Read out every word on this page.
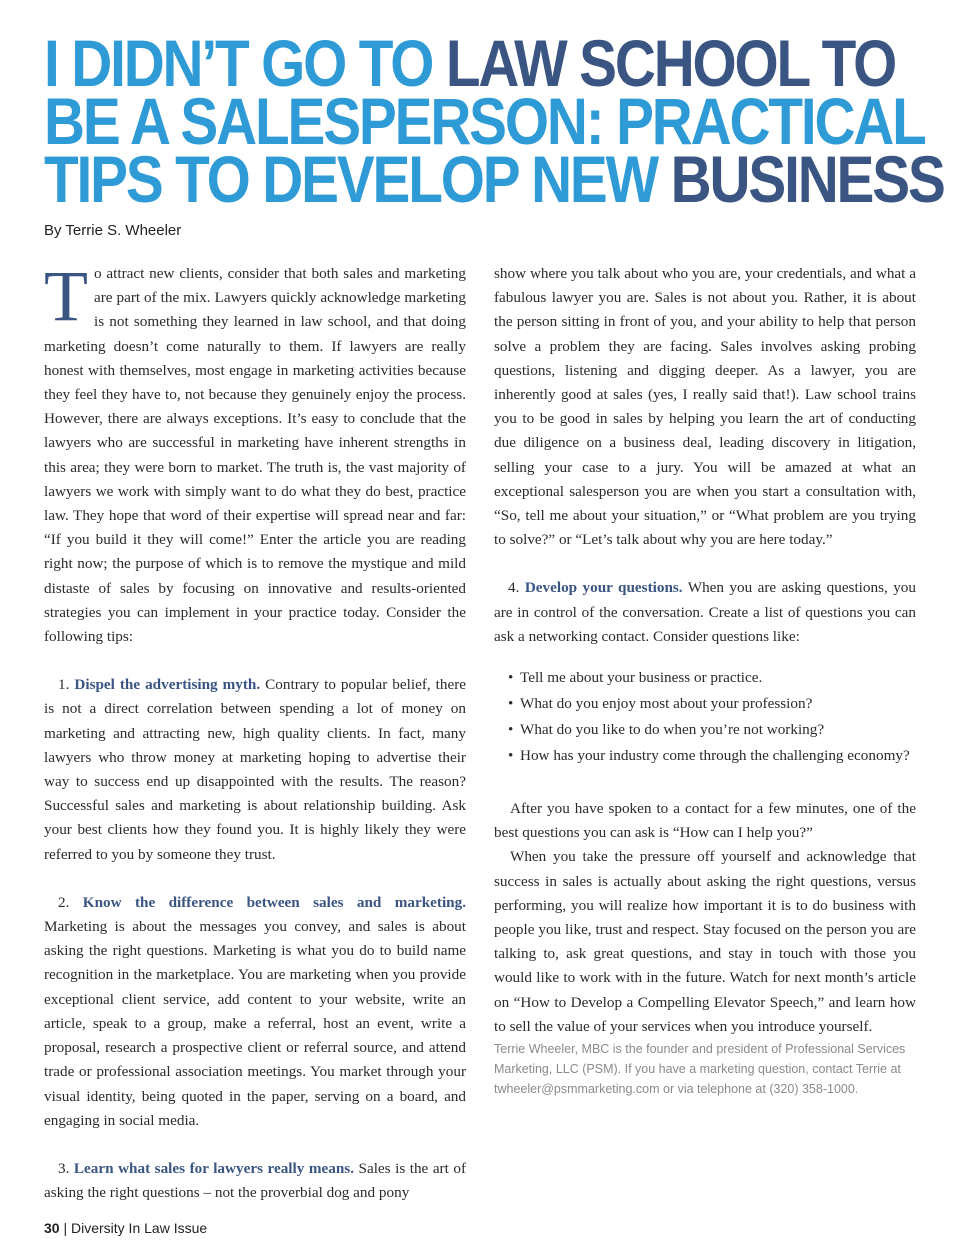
I DIDN’T GO TO LAW SCHOOL TO
BE A SALESPERSON: PRACTICAL
TIPS TO DEVELOP NEW BUSINESS
By Terrie S. Wheeler

To attract new clients, consider that both sales and marketing are part of the mix. Lawyers quickly acknowledge marketing is not something they learned in law school, and that doing marketing doesn’t come naturally to them. If lawyers are really honest with themselves, most engage in marketing activities because they feel they have to, not because they genuinely enjoy the process. However, there are always exceptions. It’s easy to conclude that the lawyers who are successful in marketing have inherent strengths in this area; they were born to market. The truth is, the vast majority of lawyers we work with simply want to do what they do best, practice law. They hope that word of their expertise will spread near and far: “If you build it they will come!” Enter the article you are reading right now; the purpose of which is to remove the mystique and mild distaste of sales by focusing on innovative and results-oriented strategies you can implement in your practice today. Consider the following tips:

1. Dispel the advertising myth. Contrary to popular belief, there is not a direct correlation between spending a lot of money on marketing and attracting new, high quality clients. In fact, many lawyers who throw money at marketing hoping to advertise their way to success end up disappointed with the results. The reason? Successful sales and marketing is about relationship building. Ask your best clients how they found you. It is highly likely they were referred to you by someone they trust.

2. Know the difference between sales and marketing. Marketing is about the messages you convey, and sales is about asking the right questions. Marketing is what you do to build name recognition in the marketplace. You are marketing when you provide exceptional client service, add content to your website, write an article, speak to a group, make a referral, host an event, write a proposal, research a prospective client or referral source, and attend trade or professional association meetings. You market through your visual identity, being quoted in the paper, serving on a board, and engaging in social media.

3. Learn what sales for lawyers really means. Sales is the art of asking the right questions – not the proverbial dog and pony

show where you talk about who you are, your credentials, and what a fabulous lawyer you are. Sales is not about you. Rather, it is about the person sitting in front of you, and your ability to help that person solve a problem they are facing. Sales involves asking probing questions, listening and digging deeper. As a lawyer, you are inherently good at sales (yes, I really said that!). Law school trains you to be good in sales by helping you learn the art of conducting due diligence on a business deal, leading discovery in litigation, selling your case to a jury. You will be amazed at what an exceptional salesperson you are when you start a consultation with, “So, tell me about your situation,” or “What problem are you trying to solve?” or “Let’s talk about why you are here today.”

4. Develop your questions. When you are asking questions, you are in control of the conversation. Create a list of questions you can ask a networking contact. Consider questions like:

• Tell me about your business or practice.
• What do you enjoy most about your profession?
• What do you like to do when you’re not working?
• How has your industry come through the challenging economy?

After you have spoken to a contact for a few minutes, one of the best questions you can ask is “How can I help you?”

When you take the pressure off yourself and acknowledge that success in sales is actually about asking the right questions, versus performing, you will realize how important it is to do business with people you like, trust and respect. Stay focused on the person you are talking to, ask great questions, and stay in touch with those you would like to work with in the future. Watch for next month’s article on “How to Develop a Compelling Elevator Speech,” and learn how to sell the value of your services when you introduce yourself.

Terrie Wheeler, MBC is the founder and president of Professional Services Marketing, LLC (PSM). If you have a marketing question, contact Terrie at twheeler@psmmarketing.com or via telephone at (320) 358-1000.

30 | Diversity In Law Issue
